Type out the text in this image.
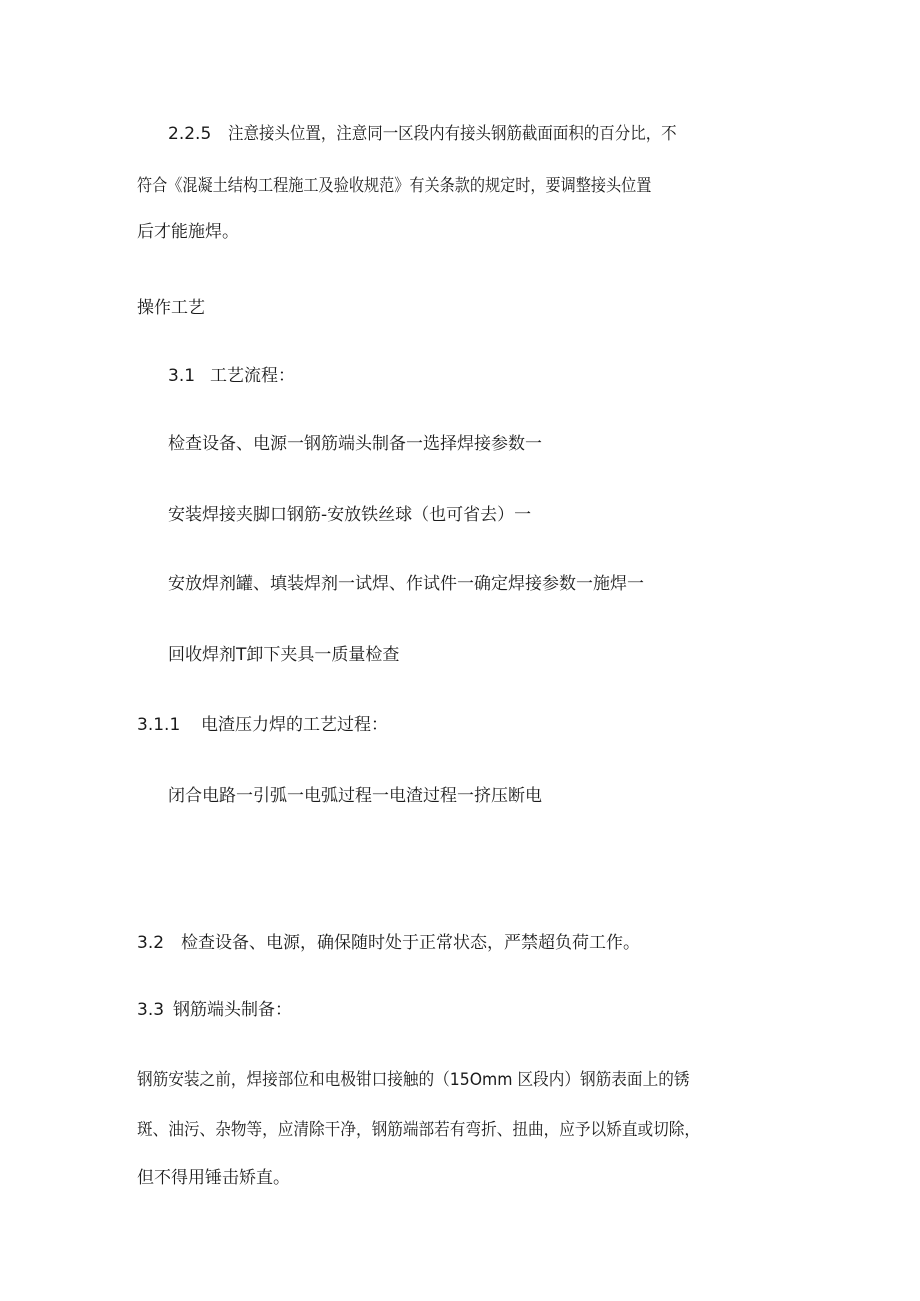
2.2.5 注意接头位置，注意同一区段内有接头钢筋截面面积的百分比，不

符合《混凝土结构工程施工及验收规范》有关条款的规定时，要调整接头位置

后才能施焊。

操作工艺

3.1 工艺流程：

检查设备、电源一钢筋端头制备一选择焊接参数一

安装焊接夹脚口钢筋-安放铁丝球（也可省去）一

安放焊剂罐、填装焊剂一试焊、作试件一确定焊接参数一施焊一

回收焊剂T卸下夹具一质量检查

3.1.1 电渣压力焊的工艺过程：

闭合电路一引弧一电弧过程一电渣过程一挤压断电

3.2 检查设备、电源，确保随时处于正常状态，严禁超负荷工作。

3.3 钢筋端头制备：

钢筋安装之前，焊接部位和电极钳口接触的（15Omm 区段内）钢筋表面上的锈

斑、油污、杂物等，应清除干净，钢筋端部若有弯折、扭曲，应予以矫直或切除，

但不得用锤击矫直。
